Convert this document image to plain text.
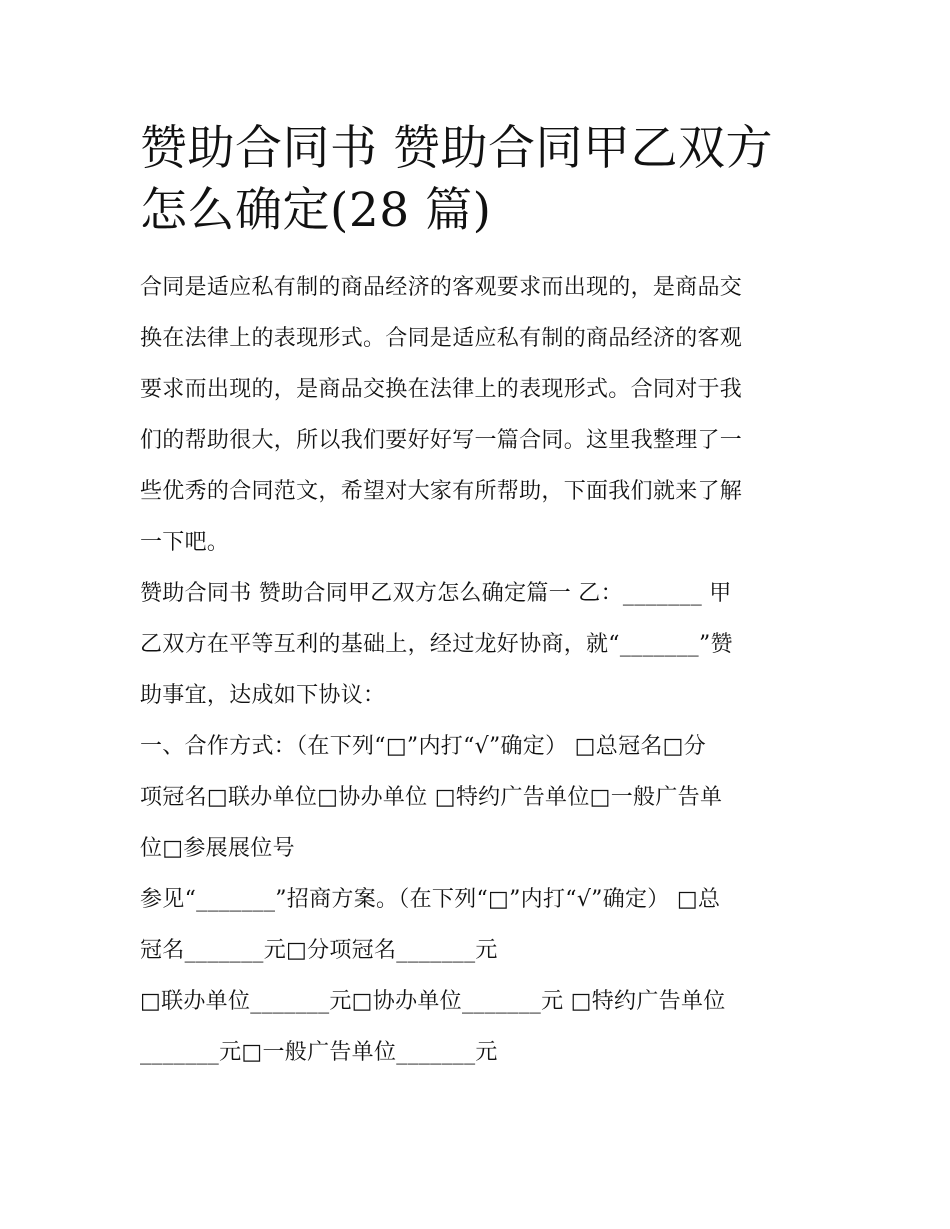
赞助合同书 赞助合同甲乙双方
怎么确定(28 篇)

合同是适应私有制的商品经济的客观要求而出现的，是商品交
换在法律上的表现形式。合同是适应私有制的商品经济的客观
要求而出现的，是商品交换在法律上的表现形式。合同对于我
们的帮助很大，所以我们要好好写一篇合同。这里我整理了一
些优秀的合同范文，希望对大家有所帮助，下面我们就来了解
一下吧。

赞助合同书 赞助合同甲乙双方怎么确定篇一 乙：_______ 甲
乙双方在平等互利的基础上，经过龙好协商，就“_______”赞
助事宜，达成如下协议：

一、合作方式：（在下列“□”内打“√”确定） □总冠名□分
项冠名□联办单位□协办单位 □特约广告单位□一般广告单
位□参展展位号

参见“_______”招商方案。（在下列“□”内打“√”确定） □总
冠名_______元□分项冠名_______元

□联办单位_______元□协办单位_______元 □特约广告单位
_______元□一般广告单位_______元
